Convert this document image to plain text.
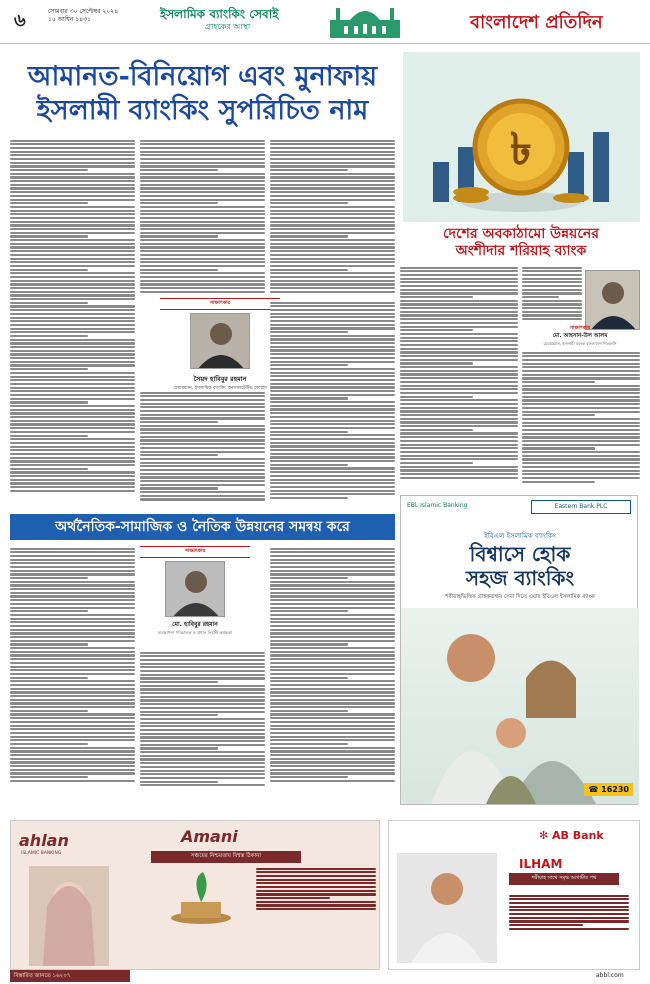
৬	সোমবার ৩০ সেপ্টেম্বর ২০২৪
১৫ আশ্বিন ১৪৩১	ইসলামিক ব্যাংকিং সেবাই
গ্রাহকের আস্থা	বাংলাদেশ প্রতিদিন
আমানত-বিনিয়োগ এবং মুনাফায়
ইসলামী ব্যাংকিং সুপরিচিত নাম
সাক্ষাৎকার
সৈয়দ হাবিবুর রহমান
চেয়ারম্যান, ইসলামিক ব্যাংকিং কনসালটেটিভ ফোরাম
৳
দেশের অবকাঠামো উন্নয়নের
অংশীদার শরিয়াহ ব্যাংক
সাক্ষাৎকার
মো. আহসান-উল আলম
চেয়ারম্যান, ইসলামী ব্যাংক বাংলাদেশ পিএলসি
EBL Islamic Banking	Eastern Bank PLC
ইবিএল ইসলামিক ব্যাংকিং
বিশ্বাসে হোক
সহজ ব্যাংকিং
শরীয়াহভিত্তিক গ্রাহকবান্ধব সেবা দিতে এবার ইবিএল ইসলামিক ব্যাংক
☎ 16230
অর্থনৈতিক-সামাজিক ও নৈতিক উন্নয়নের সমন্বয় করে
সাক্ষাৎকার
মো. হাবিবুর রহমান
ব্যবস্থাপনা পরিচালক ও প্রধান নির্বাহী কর্মকর্তা
ahlan
ISLAMIC BANKING
Amani
সঞ্চয়ের নিশ্চয়তায় বিশ্বস্ত ঠিকানা
✻ AB Bank
ILHAM
শরীয়াহ সাথে সমৃদ্ধ আগামীর পথ
বিস্তারিত জানতে ১৬২০৭	abbl.com
